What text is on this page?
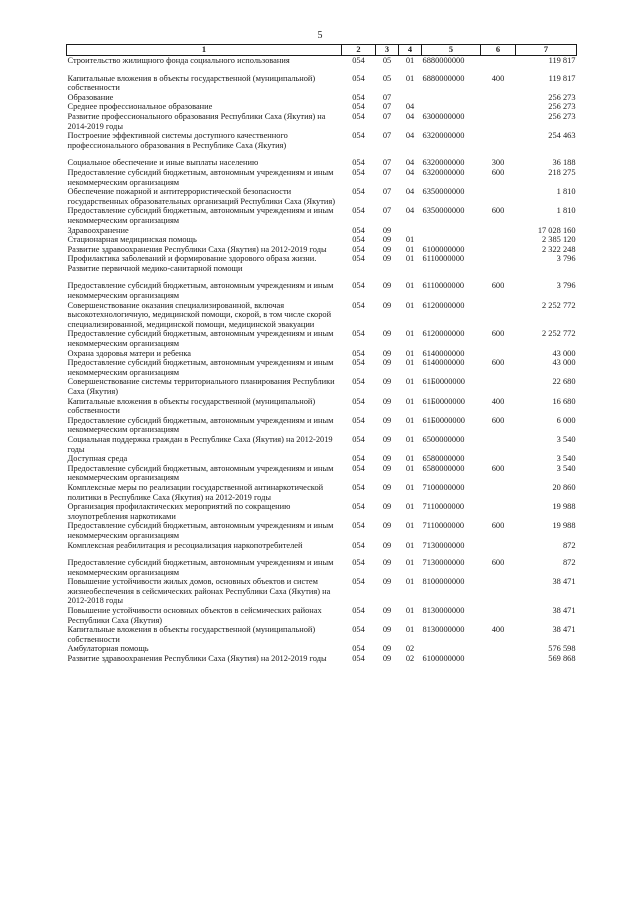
5
1	2	3	4	5	6	7
Строительство жилищного фонда социального использования	054	05	01	6880000000		119 817

Капитальные вложения в объекты государственной (муниципальной) собственности	054	05	01	6880000000	400	119 817
Образование	054	07				256 273
Среднее профессиональное образование	054	07	04			256 273
Развитие профессионального образования Республики Саха (Якутия) на 2014-2019 годы	054	07	04	6300000000		256 273
Построение эффективной системы доступного качественного профессионального образования в Республике Саха (Якутия)	054	07	04	6320000000		254 463

Социальное обеспечение и иные выплаты населению	054	07	04	6320000000	300	36 188
Предоставление субсидий бюджетным, автономным учреждениям и иным некоммерческим организациям	054	07	04	6320000000	600	218 275
Обеспечение пожарной и антитеррористической безопасности государственных образовательных организаций Республики Саха (Якутия)	054	07	04	6350000000		1 810
Предоставление субсидий бюджетным, автономным учреждениям и иным некоммерческим организациям	054	07	04	6350000000	600	1 810
Здравоохранение	054	09				17 028 160
Стационарная медицинская помощь	054	09	01			2 385 120
Развитие здравоохранения Республики Саха (Якутия) на 2012-2019 годы	054	09	01	6100000000		2 322 248
Профилактика заболеваний и формирование здорового образа жизни. Развитие первичной медико-санитарной помощи	054	09	01	6110000000		3 796

Предоставление субсидий бюджетным, автономным учреждениям и иным некоммерческим организациям	054	09	01	6110000000	600	3 796
Совершенствование оказания специализированной, включая высокотехнологичную, медицинской помощи, скорой, в том числе скорой специализированной, медицинской помощи, медицинской эвакуации	054	09	01	6120000000		2 252 772
Предоставление субсидий бюджетным, автономным учреждениям и иным некоммерческим организациям	054	09	01	6120000000	600	2 252 772
Охрана здоровья матери и ребенка	054	09	01	6140000000		43 000
Предоставление субсидий бюджетным, автономным учреждениям и иным некоммерческим организациям	054	09	01	6140000000	600	43 000
Совершенствование системы территориального планирования Республики Саха (Якутия)	054	09	01	61Б0000000		22 680
Капитальные вложения в объекты государственной (муниципальной) собственности	054	09	01	61Б0000000	400	16 680
Предоставление субсидий бюджетным, автономным учреждениям и иным некоммерческим организациям	054	09	01	61Б0000000	600	6 000
Социальная поддержка граждан в Республике Саха (Якутия) на 2012-2019 годы	054	09	01	6500000000		3 540
Доступная среда	054	09	01	6580000000		3 540
Предоставление субсидий бюджетным, автономным учреждениям и иным некоммерческим организациям	054	09	01	6580000000	600	3 540
Комплексные меры по реализации государственной антинаркотической политики в Республике Саха (Якутия) на 2012-2019 годы	054	09	01	7100000000		20 860
Организация профилактических мероприятий по сокращению злоупотребления наркотиками	054	09	01	7110000000		19 988
Предоставление субсидий бюджетным, автономным учреждениям и иным некоммерческим организациям	054	09	01	7110000000	600	19 988
Комплексная реабилитация и ресоциализация наркопотребителей	054	09	01	7130000000		872

Предоставление субсидий бюджетным, автономным учреждениям и иным некоммерческим организациям	054	09	01	7130000000	600	872
Повышение устойчивости жилых домов, основных объектов и систем жизнеобеспечения в сейсмических районах Республики Саха (Якутия) на 2012-2018 годы	054	09	01	8100000000		38 471
Повышение устойчивости основных объектов в сейсмических районах Республики Саха (Якутия)	054	09	01	8130000000		38 471
Капитальные вложения в объекты государственной (муниципальной) собственности	054	09	01	8130000000	400	38 471
Амбулаторная помощь	054	09	02			576 598
Развитие здравоохранения Республики Саха (Якутия) на 2012-2019 годы	054	09	02	6100000000		569 868
